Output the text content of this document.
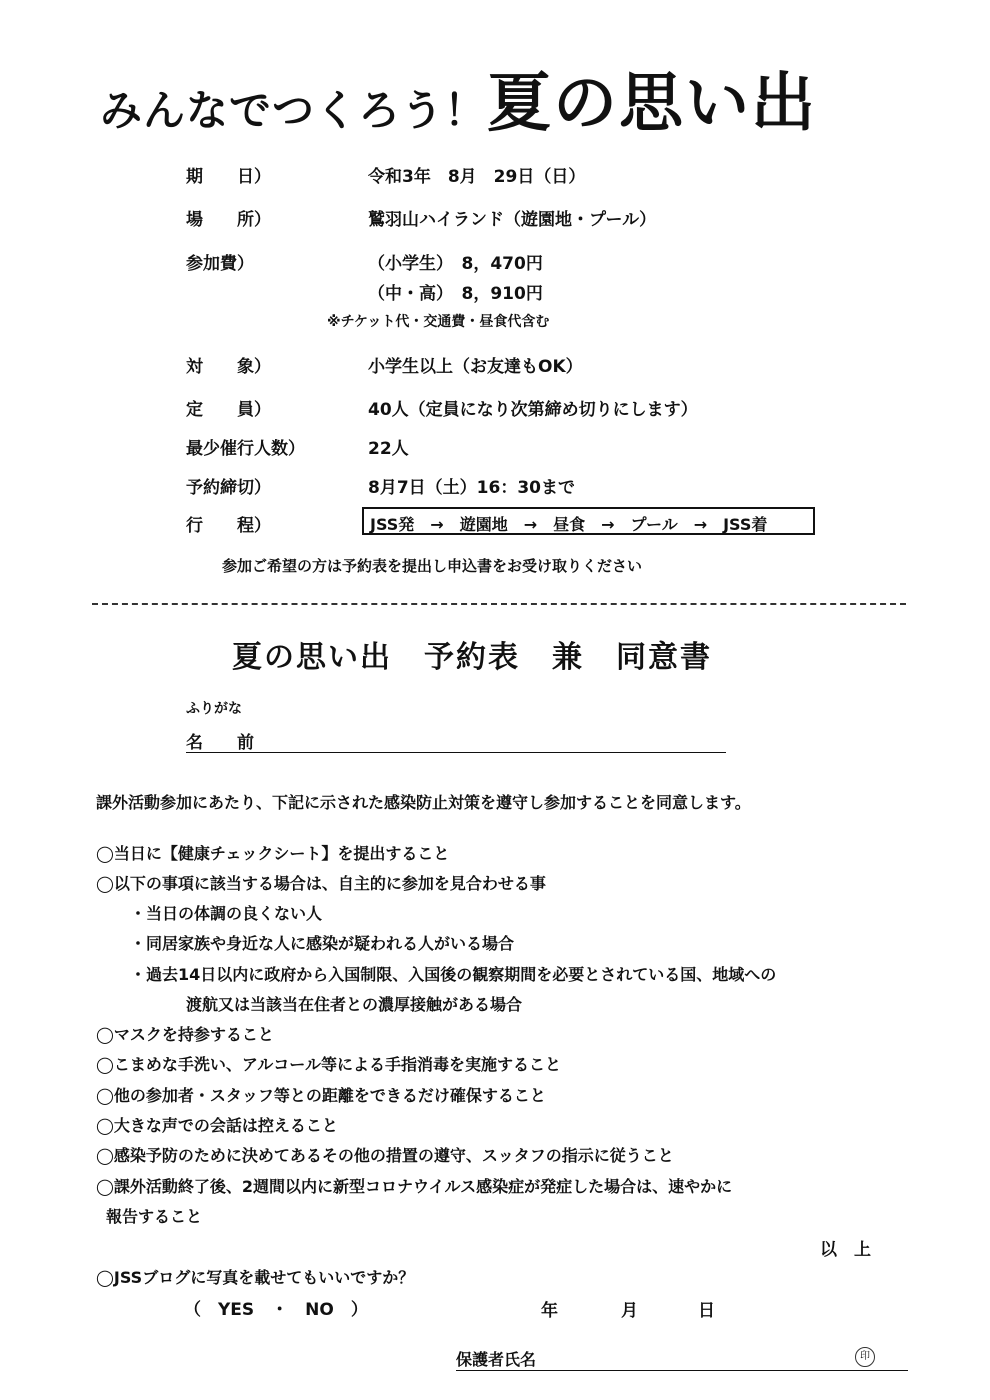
みんなでつくろう！夏の思い出
期　　日）	令和3年　8月　29日（日）
場　　所）	鷲羽山ハイランド（遊園地・プール）
参加費）	（小学生）　8，470円
（中・高）　8，910円
※チケット代・交通費・昼食代含む
対　　象）	小学生以上（お友達もOK）
定　　員）	40人（定員になり次第締め切りにします）
最少催行人数）	22人
予約締切）	8月7日（土）16：30まで
行　　程）	JSS発　→　遊園地　→　昼食　→　プール　→　JSS着
参加ご希望の方は予約表を提出し申込書をお受け取りください
夏の思い出　予約表　兼　同意書
ふりがな
名　　前
課外活動参加にあたり、下記に示された感染防止対策を遵守し参加することを同意します。
◯当日に【健康チェックシート】を提出すること
◯以下の事項に該当する場合は、自主的に参加を見合わせる事
・当日の体調の良くない人
・同居家族や身近な人に感染が疑われる人がいる場合
・過去14日以内に政府から入国制限、入国後の観察期間を必要とされている国、地域への
渡航又は当該当在住者との濃厚接触がある場合
◯マスクを持参すること
◯こまめな手洗い、アルコール等による手指消毒を実施すること
◯他の参加者・スタッフ等との距離をできるだけ確保すること
◯大きな声での会話は控えること
◯感染予防のために決めてあるその他の措置の遵守、スッタフの指示に従うこと
◯課外活動終了後、2週間以内に新型コロナウイルス感染症が発症した場合は、速やかに
報告すること
以　上
◯JSSブログに写真を載せてもいいですか？
（　YES　・　NO　）	年	月	日
保護者氏名	印
